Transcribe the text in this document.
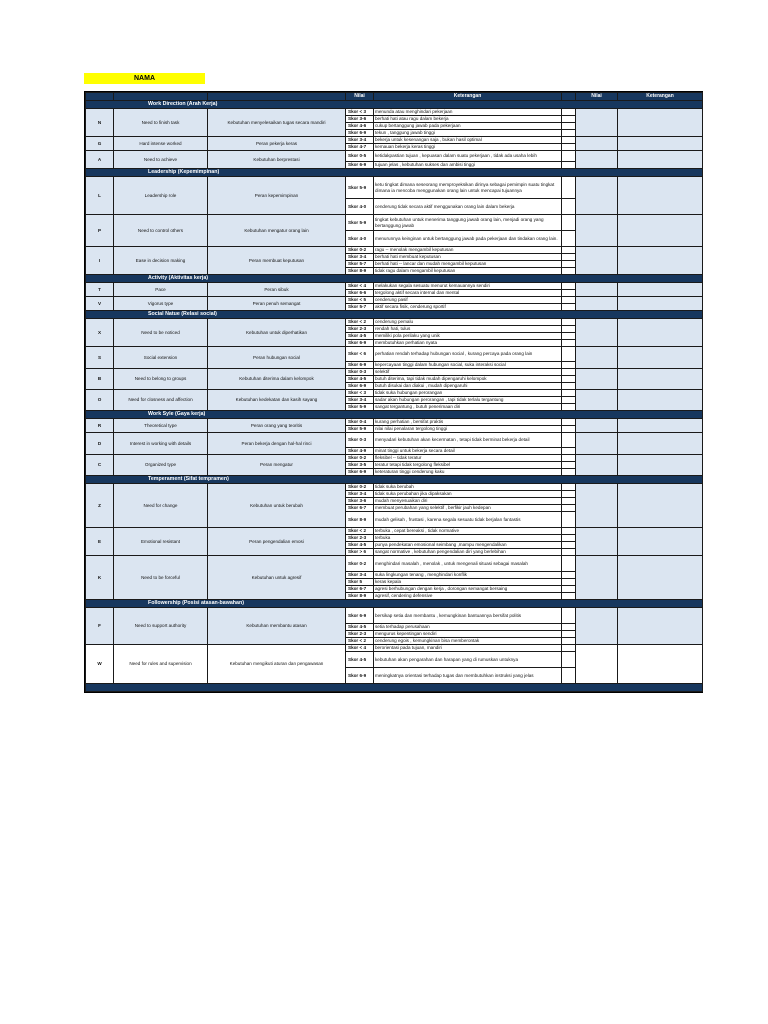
NAMA
			Nilai	Keterangan		Nilai	Keterangan
Work Direction (Arah Kerja)							
N	Need to finish task	Kebutuhan menyelesaikan tugas secara mandiri	Skor < 3	menunda atau menghindari pekerjaan			
			Skor 3-6	berhati hati atau ragu dalam bekerja			
			Skor 4-6	cukup bertanggung jawab pada pekerjaan			
			Skor 6-9	tekun , tanggung jawab tinggi			
G	Hard intense worked	Peran pekerja keras	Skor 3-4	bekerja untuk kesenangan saja , bukan hasil optimal			
			Skor 4-7	kemauan bekerja keras tinggi			
A	Need to achieve	Kebutuhan berprestasi	Skor 0-5	ketidakpastian tujuan , kepuasan dalam suatu pekerjaan , tidak ada usaha lebih			
			Skor 6-9	tujuan jelas , kebutuhan sukses dan ambisi tinggi			
Leadership (Kepemimpinan)							
L	Leadership role	Peran kepemimpinan	Skor 5-9	ketu tingkat dimana seseorang memproyeksikan dirinya sebagai pemimpin suatu tingkat dimana ia mencoba menggunakan orang lain untuk mencapai tujuannya			
			Skor 4-0	cenderung tidak secara aktif menggunakan orang lain dalam bekerja			
P	Need to control others	Kebutuhan mengatur orang lain	Skor 5-9	tingkat kebutuhan untuk menerima tanggung jawab orang lain, menjadi orang yang bertanggung jawab			
			Skor 4-0	menurunnya keinginan untuk bertanggung jawab pada pekerjaan dan tindakan orang lain.			
I	Ease in decision making	Peran membuat keputusan	Skor 0-2	ragu -- menolak mengambil keputusan			
			Skor 3-4	berhati hati membuat keputusan			
			Skor 5-7	berhati hati -- lancar dan mudah mengambil keputusan			
			Skor 8-9	tidak ragu dalam mengambil keputusan			
Activity (Aktivitas kerja)							
T	Pace	Peran sibuk	Skor < 4	melakukan segala sesuatu menurut kemauannya sendiri			
			Skor 6-6	tergolong aktif secara internal dan mental			
V	Vigorus type	Peran penuh semangat	Skor < 5	cenderung pasif			
			Skor 5-7	aktif secara fisik, cenderung sportif			
Social Natue (Relasi social)							
X	Need to be noticed	Kebutuhan untuk diperhatikan	Skor < 2	cenderung pemalu			
			Skor 2-3	rendah hati, tulus			
			Skor 4-5	memiliki pola perilaku yang unik			
			Skor 6-9	membutuhkan perhatian nyata			
S	Social extension	Peran hubungan social	Skor < 6	perhatian rendah terhadap hubungan social , kurang percaya pada orang lain			
			Skor 6-9	kepercayaan tinggi dalam hubungan social, suka interaksi social			
B	Need to belong to groups	Kebutuhan diterima dalam kelompok	Skor 0-3	selektif			
			Skor 4-5	butuh diterima, tapi tidak mudah dipengaruhi kelompok			
			Skor 6-9	butuh disukai dan diakui , mudah dipengaruhi			
O	Need for closness and affection	Kebutuhan kedekatan dan kasih sayang	Skor < 3	tidak suka hubungan perorangan			
			Skor 3-4	sadar akan hubungan perorangan , tapi tidak terlalu tergantung			
			Skor 5-9	sangat tergantung , butuh penerimaan diri			
Work Syle (Gaya kerja)							
R	Theoretical type	Peran orang yang teoritis	Skor 0-4	kurang perhatian , bersifat praktis			
			Skor 5-9	nilai nilai penalaran tergolong tinggi			
D	Interest in working with details	Peran bekerja dengan hal-hal rinci	Skor 0-3	menyadari kebutuhan akan kecermatan , tetapi tidak berminat bekerja detail			
			Skor 4-9	minat tinggi untuk bekerja secara detail			
C	Organized type	Peran mengatur	Skor 0-2	fleksibel -- tidak teratur			
			Skor 3-5	teratur tetapi tidak tergolong fleksibel			
			Skor 6-9	keteraturan tinggi cenderung kaku			
Temperament (Sifat tempramen)							
Z	Need for change	Kebutuhan untuk berubah	Skor 0-2	tidak suka berubah			
			Skor 3-4	tidak suka perubahan jika dipaksakan			
			Skor 3-6	mudah menyesuaikan diri			
			Skor 6-7	membuat perubahan yang selektif , berfikir jauh kedepan			
			Skor 8-9	mudah gelisah , frustasi , karena segala sesuatu tidak berjalan fantastis			
E	Emotional resistant	Peran pengendalian emosi	Skor < 2	terbuka , cepat bereaksi , tidak normative			
			Skor 2-3	terbuka			
			Skor 4-5	punya pendekatan emosional seimbang ,mampu mengendalikan			
			Skor > 6	sangat normative , kebutuhan pengendalian diri yang berlebihan			
K	Need to be forceful	Kebutuhan untuk agresif	Skor 0-2	menghindari masalah , menolak , untuk mengenali situasi sebagai masalah			
			Skor 3-4	suka lingkungan tenang , menghindari konflik			
			Skor 5	keras kepala			
			Skor 6-7	agresi berhubungan dengan kerja , dorongan semangat bersaing			
			Skor 8-9	agresif, cendering defensive			
Followership (Posisi atasan-bawahan)							
F	Need to support authority	Kebutuhan membantu atasan	Skor 6-9	bersikap setia dan membantu , kemungkinan bantuannya bersifat politis			
			Skor 4-5	setia terhadap perusahaan			
			Skor 2-3	mengurus kepentingan sendiri			
			Skor < 2	cenderung egois , kemungkinan bisa memberontak			
W	Need for rules and supervision	Kebutuhan mengikuti aturan dan pengawasan	Skor < 4	berorientasi pada tujuan, mandiri			
			Skor 4-5	kebutuhan akan pengarahan dan harapan yang di rumuskan untuknya			
			Skor 6-9	meningkatnya orientasi terhadap tugas dan membutuhkan instruksi yang jelas			
